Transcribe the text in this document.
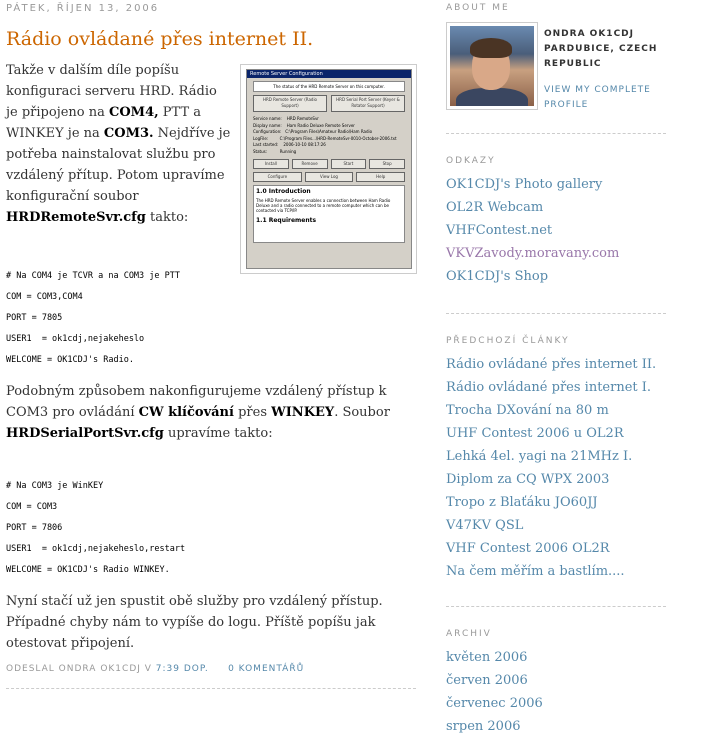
PÁTEK, ŘÍJEN 13, 2006
Rádio ovládané přes internet II.
Remote Server Configuration
The status of the HRD Remote Server on this computer.
HRD Remote Server (Radio Support)
HRD Serial Port Server (Keyer & Rotator Support)
Service name:    HRD RemoteSvr
Display name:    Ham Radio Deluxe Remote Server
Configuration:   C:\Program Files\Amateur Radio\Ham Radio
LogFile:         C:\Program Files...\HRD-RemoteSvr-0010-October-2006.txt
Last started:    2006-10-10 08:17:26
Status:          Running
Install	Remove	Start	Stop
Configure	View Log	Help
1.0 Introduction
The HRD Remote Server enables a connection between Ham Radio Deluxe and a radio connected to a remote computer which can be contacted via TCP/IP.
1.1 Requirements
Takže v dalším díle popíšu konfiguraci serveru HRD. Rádio je připojeno na COM4, PTT a WINKEY je na COM3. Nejdříve je potřeba nainstalovat službu pro vzdálený přítup. Potom upravíme konfigurační soubor HRDRemoteSvr.cfg takto:
# Na COM4 je TCVR a na COM3 je PTT
COM = COM3,COM4
PORT = 7805
USER1  = ok1cdj,nejakeheslo
WELCOME = OK1CDJ's Radio.
Podobným způsobem nakonfigurujeme vzdálený přístup k COM3 pro ovládání CW klíčování přes WINKEY. Soubor HRDSerialPortSvr.cfg upravíme takto:
# Na COM3 je WinKEY
COM = COM3
PORT = 7806
USER1  = ok1cdj,nejakeheslo,restart
WELCOME = OK1CDJ's Radio WINKEY.
Nyní stačí už jen spustit obě služby pro vzdálený přístup. Případné chyby nám to vypíše do logu. Příště popíšu jak otestovat připojení.
ODESLAL ONDRA OK1CDJ V 7:39 DOP. 0 KOMENTÁŘŮ
ABOUT ME
ONDRA OK1CDJ PARDUBICE, CZECH REPUBLIC
VIEW MY COMPLETE PROFILE
ODKAZY
OK1CDJ's Photo gallery
OL2R Webcam
VHFContest.net
VKVZavody.moravany.com
OK1CDJ's Shop
PŘEDCHOZÍ ČLÁNKY
Rádio ovládané přes internet II.
Rádio ovládané přes internet I.
Trocha DXování na 80 m
UHF Contest 2006 u OL2R
Lehká 4el. yagi na 21MHz I.
Diplom za CQ WPX 2003
Tropo z Blaťáku JO60JJ
V47KV QSL
VHF Contest 2006 OL2R
Na čem měřím a bastlím....
ARCHIV
květen 2006
červen 2006
červenec 2006
srpen 2006
